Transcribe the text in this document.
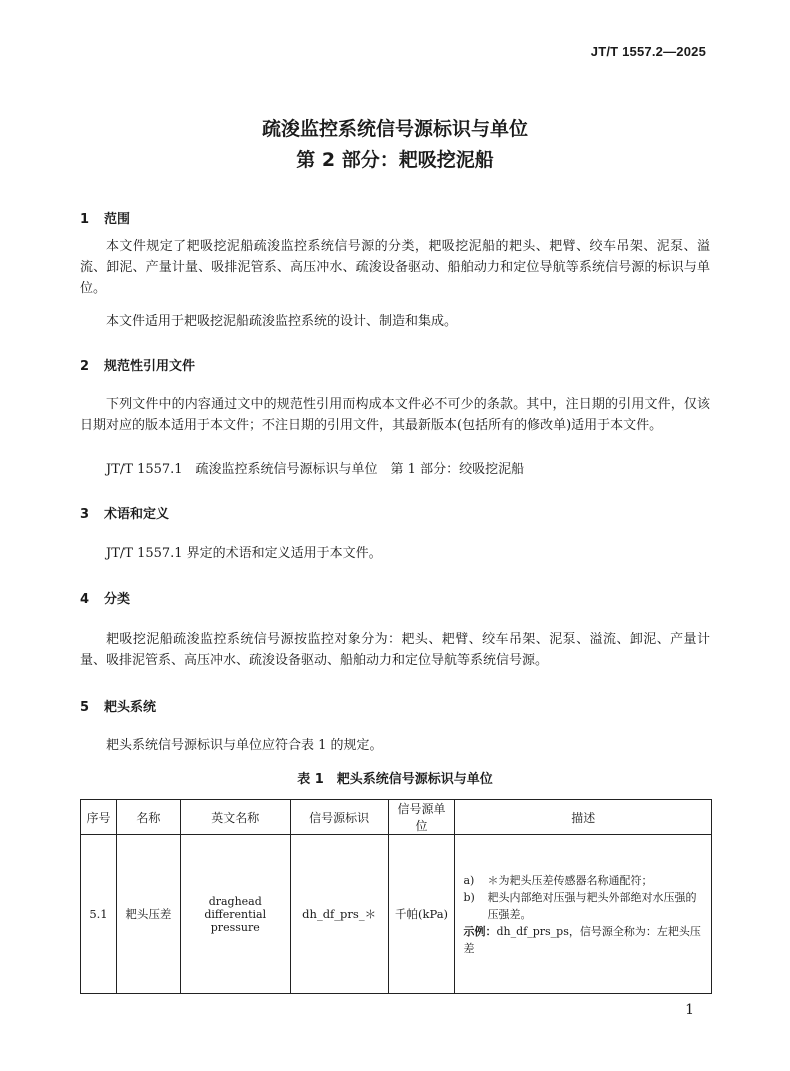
JT/T 1557.2—2025
疏浚监控系统信号源标识与单位
第 2 部分：耙吸挖泥船
1 范围
本文件规定了耙吸挖泥船疏浚监控系统信号源的分类，耙吸挖泥船的耙头、耙臂、绞车吊架、泥泵、溢流、卸泥、产量计量、吸排泥管系、高压冲水、疏浚设备驱动、船舶动力和定位导航等系统信号源的标识与单位。
本文件适用于耙吸挖泥船疏浚监控系统的设计、制造和集成。
2 规范性引用文件
下列文件中的内容通过文中的规范性引用而构成本文件必不可少的条款。其中，注日期的引用文件，仅该日期对应的版本适用于本文件；不注日期的引用文件，其最新版本(包括所有的修改单)适用于本文件。
JT/T 1557.1　疏浚监控系统信号源标识与单位　第 1 部分：绞吸挖泥船
3 术语和定义
JT/T 1557.1 界定的术语和定义适用于本文件。
4 分类
耙吸挖泥船疏浚监控系统信号源按监控对象分为：耙头、耙臂、绞车吊架、泥泵、溢流、卸泥、产量计量、吸排泥管系、高压冲水、疏浚设备驱动、船舶动力和定位导航等系统信号源。
5 耙头系统
耙头系统信号源标识与单位应符合表 1 的规定。
表 1　耙头系统信号源标识与单位
序号	名称	英文名称	信号源标识	信号源单位	描述
5.1	耙头压差	draghead differential pressure	dh_df_prs_＊	千帕(kPa)	a) ＊为耙头压差传感器名称通配符；
b) 耙头内部绝对压强与耙头外部绝对水压强的压强差。
示例：dh_df_prs_ps，信号源全称为：左耙头压差
1
